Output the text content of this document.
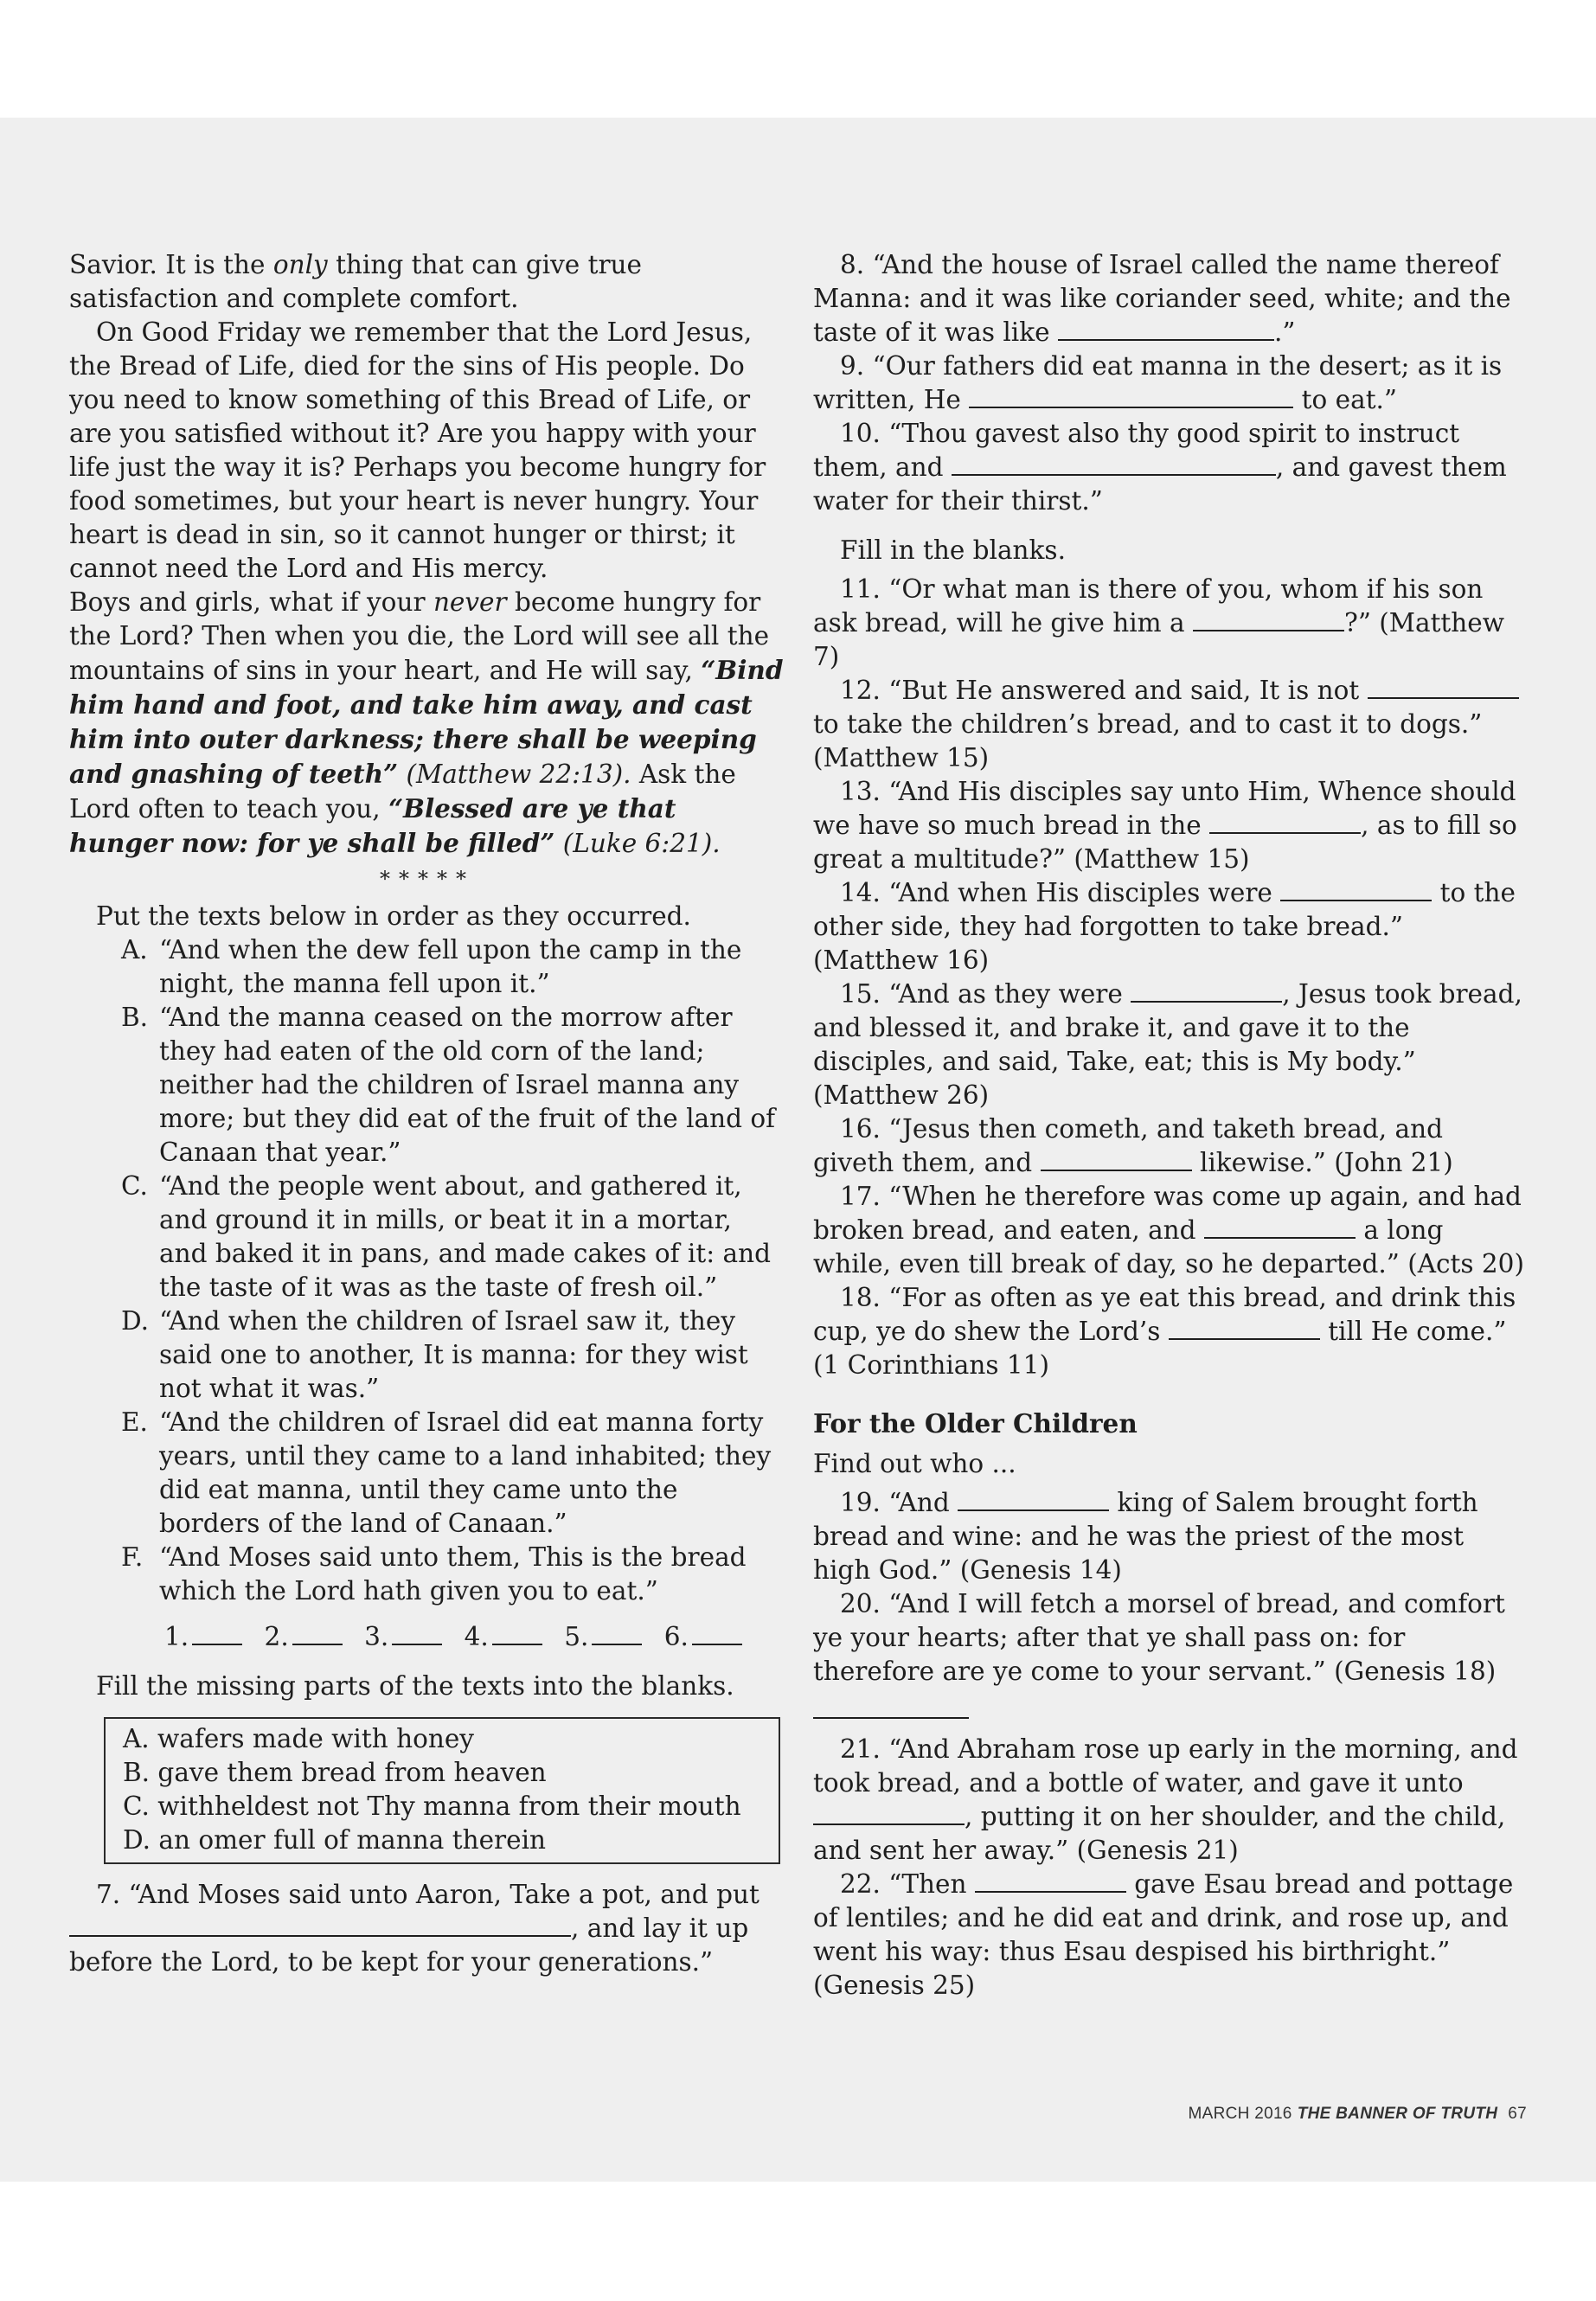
Savior. It is the only thing that can give true satisfaction and complete comfort.

On Good Friday we remember that the Lord Jesus, the Bread of Life, died for the sins of His people. Do you need to know something of this Bread of Life, or are you satisfied without it? Are you happy with your life just the way it is? Perhaps you become hungry for food sometimes, but your heart is never hungry. Your heart is dead in sin, so it cannot hunger or thirst; it cannot need the Lord and His mercy.

Boys and girls, what if your never become hungry for the Lord? Then when you die, the Lord will see all the mountains of sins in your heart, and He will say, “Bind him hand and foot, and take him away, and cast him into outer darkness; there shall be weeping and gnashing of teeth” (Matthew 22:13). Ask the Lord often to teach you, “Blessed are ye that hunger now: for ye shall be filled” (Luke 6:21).

*****

Put the texts below in order as they occurred.

A. “And when the dew fell upon the camp in the night, the manna fell upon it.”
B. “And the manna ceased on the morrow after they had eaten of the old corn of the land; neither had the children of Israel manna any more; but they did eat of the fruit of the land of Canaan that year.”
C. “And the people went about, and gathered it, and ground it in mills, or beat it in a mortar, and baked it in pans, and made cakes of it: and the taste of it was as the taste of fresh oil.”
D. “And when the children of Israel saw it, they said one to another, It is manna: for they wist not what it was.”
E. “And the children of Israel did eat manna forty years, until they came to a land inhabited; they did eat manna, until they came unto the borders of the land of Canaan.”
F. “And Moses said unto them, This is the bread which the Lord hath given you to eat.”

1.	2.	3.	4.	5.	6.

Fill the missing parts of the texts into the blanks.

A. wafers made with honey

B. gave them bread from heaven

C. withheldest not Thy manna from their mouth

D. an omer full of manna therein

7. “And Moses said unto Aaron, Take a pot, and put , and lay it up before the Lord, to be kept for your generations.”

8. “And the house of Israel called the name thereof Manna: and it was like coriander seed, white; and the taste of it was like	.”

9. “Our fathers did eat manna in the desert; as it is written, He	to eat.”

10. “Thou gavest also thy good spirit to instruct them, and	, and gavest them water for their thirst.”

Fill in the blanks.

11. “Or what man is there of you, whom if his son ask bread, will he give him a	?” (Matthew 7)

12. “But He answered and said, It is not  to take the children’s bread, and to cast it to dogs.” (Matthew 15)

13. “And His disciples say unto Him, Whence should we have so much bread in the	, as to fill so great a multitude?” (Matthew 15)

14. “And when His disciples were	to the other side, they had forgotten to take bread.” (Matthew 16)

15. “And as they were	, Jesus took bread, and blessed it, and brake it, and gave it to the disciples, and said, Take, eat; this is My body.” (Matthew 26)

16. “Jesus then cometh, and taketh bread, and giveth them, and	likewise.” (John 21)

17. “When he therefore was come up again, and had broken bread, and eaten, and	a long while, even till break of day, so he departed.” (Acts 20)

18. “For as often as ye eat this bread, and drink this cup, ye do shew the Lord’s	till He come.” (1 Corinthians 11)

For the Older Children

Find out who ...

19. “And	king of Salem brought forth bread and wine: and he was the priest of the most high God.” (Genesis 14)

20. “And I will fetch a morsel of bread, and comfort ye your hearts; after that ye shall pass on: for therefore are ye come to your servant.” (Genesis 18)

21. “And Abraham rose up early in the morning, and took bread, and a bottle of water, and gave it unto , putting it on her shoulder, and the child, and sent her away.” (Genesis 21)

22. “Then	gave Esau bread and pottage of lentiles; and he did eat and drink, and rose up, and went his way: thus Esau despised his birthright.” (Genesis 25)

MARCH 2016 THE BANNER OF TRUTH 67
